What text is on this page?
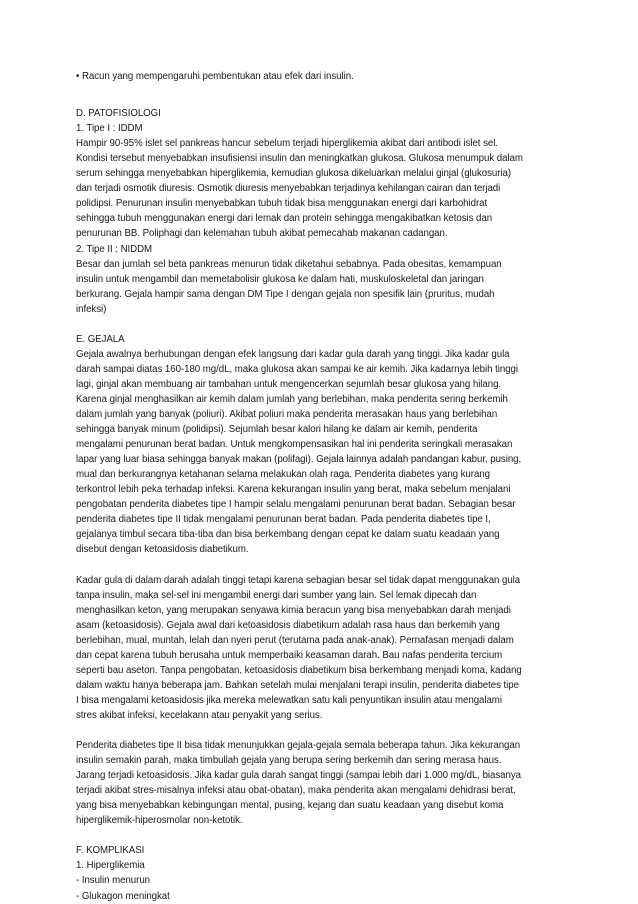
• Racun yang mempengaruhi pembentukan atau efek dari insulin.
D. PATOFISIOLOGI
1. Tipe I : IDDM
Hampir 90-95% islet sel pankreas hancur sebelum terjadi hiperglikemia akibat dari antibodi islet sel.
Kondisi tersebut menyebabkan insufisiensi insulin dan meningkatkan glukosa. Glukosa menumpuk dalam
serum sehingga menyebabkan hiperglikemia, kemudian glukosa dikeluarkan melalui ginjal (glukosuria)
dan terjadi osmotik diuresis. Osmotik diuresis menyebabkan terjadinya kehilangan cairan dan terjadi
polidipsi. Penurunan insulin menyebabkan tubuh tidak bisa menggunakan energi dari karbohidrat
sehingga tubuh menggunakan energi dari lemak dan protein sehingga mengakibatkan ketosis dan
penurunan BB. Poliphagi dan kelemahan tubuh akibat pemecahab makanan cadangan.
2. Tipe II : NIDDM
Besar dan jumlah sel beta pankreas menurun tidak diketahui sebabnya. Pada obesitas, kemampuan
insulin untuk mengambil dan memetabolisir glukosa ke dalam hati, muskuloskeletal dan jaringan
berkurang. Gejala hampir sama dengan DM Tipe I dengan gejala non spesifik lain (pruritus, mudah
infeksi)
E. GEJALA
Gejala awalnya berhubungan dengan efek langsung dari kadar gula darah yang tinggi. Jika kadar gula
darah sampai diatas 160-180 mg/dL, maka glukosa akan sampai ke air kemih. Jika kadarnya lebih tinggi
lagi, ginjal akan membuang air tambahan untuk mengencerkan sejumlah besar glukosa yang hilang.
Karena ginjal menghasilkan air kemih dalam jumlah yang berlebihan, maka penderita sering berkemih
dalam jumlah yang banyak (poliuri). Akibat poliuri maka penderita merasakan haus yang berlebihan
sehingga banyak minum (polidipsi). Sejumlah besar kalori hilang ke dalam air kemih, penderita
mengalami penurunan berat badan. Untuk mengkompensasikan hal ini penderita seringkali merasakan
lapar yang luar biasa sehingga banyak makan (polifagi). Gejala lainnya adalah pandangan kabur, pusing,
mual dan berkurangnya ketahanan selama melakukan olah raga. Penderita diabetes yang kurang
terkontrol lebih peka terhadap infeksi. Karena kekurangan insulin yang berat, maka sebelum menjalani
pengobatan penderita diabetes tipe I hampir selalu mengalami penurunan berat badan. Sebagian besar
penderita diabetes tipe II tidak mengalami penurunan berat badan. Pada penderita diabetes tipe I,
gejalanya timbul secara tiba-tiba dan bisa berkembang dengan cepat ke dalam suatu keadaan yang
disebut dengan ketoasidosis diabetikum.
Kadar gula di dalam darah adalah tinggi tetapi karena sebagian besar sel tidak dapat menggunakan gula
tanpa insulin, maka sel-sel ini mengambil energi dari sumber yang lain. Sel lemak dipecah dan
menghasilkan keton, yang merupakan senyawa kimia beracun yang bisa menyebabkan darah menjadi
asam (ketoasidosis). Gejala awal dari ketoasidosis diabetikum adalah rasa haus dan berkemih yang
berlebihan, mual, muntah, lelah dan nyeri perut (terutama pada anak-anak). Pernafasan menjadi dalam
dan cepat karena tubuh berusaha untuk memperbaiki keasaman darah. Bau nafas penderita tercium
seperti bau aseton. Tanpa pengobatan, ketoasidosis diabetikum bisa berkembang menjadi koma, kadang
dalam waktu hanya beberapa jam. Bahkan setelah mulai menjalani terapi insulin, penderita diabetes tipe
I bisa mengalami ketoasidosis jika mereka melewatkan satu kali penyuntikan insulin atau mengalami
stres akibat infeksi, kecelakann atau penyakit yang serius.
Penderita diabetes tipe II bisa tidak menunjukkan gejala-gejala semala beberapa tahun. Jika kekurangan
insulin semakin parah, maka timbullah gejala yang berupa sering berkemih dan sering merasa haus.
Jarang terjadi ketoasidosis. Jika kadar gula darah sangat tinggi (sampai lebih dari 1.000 mg/dL, biasanya
terjadi akibat stres-misalnya infeksi atau obat-obatan), maka penderita akan mengalami dehidrasi berat,
yang bisa menyebabkan kebingungan mental, pusing, kejang dan suatu keadaan yang disebut koma
hiperglikemik-hiperosmolar non-ketotik.
F. KOMPLIKASI
1. Hiperglikemia
- Insulin menurun
- Glukagon meningkat
